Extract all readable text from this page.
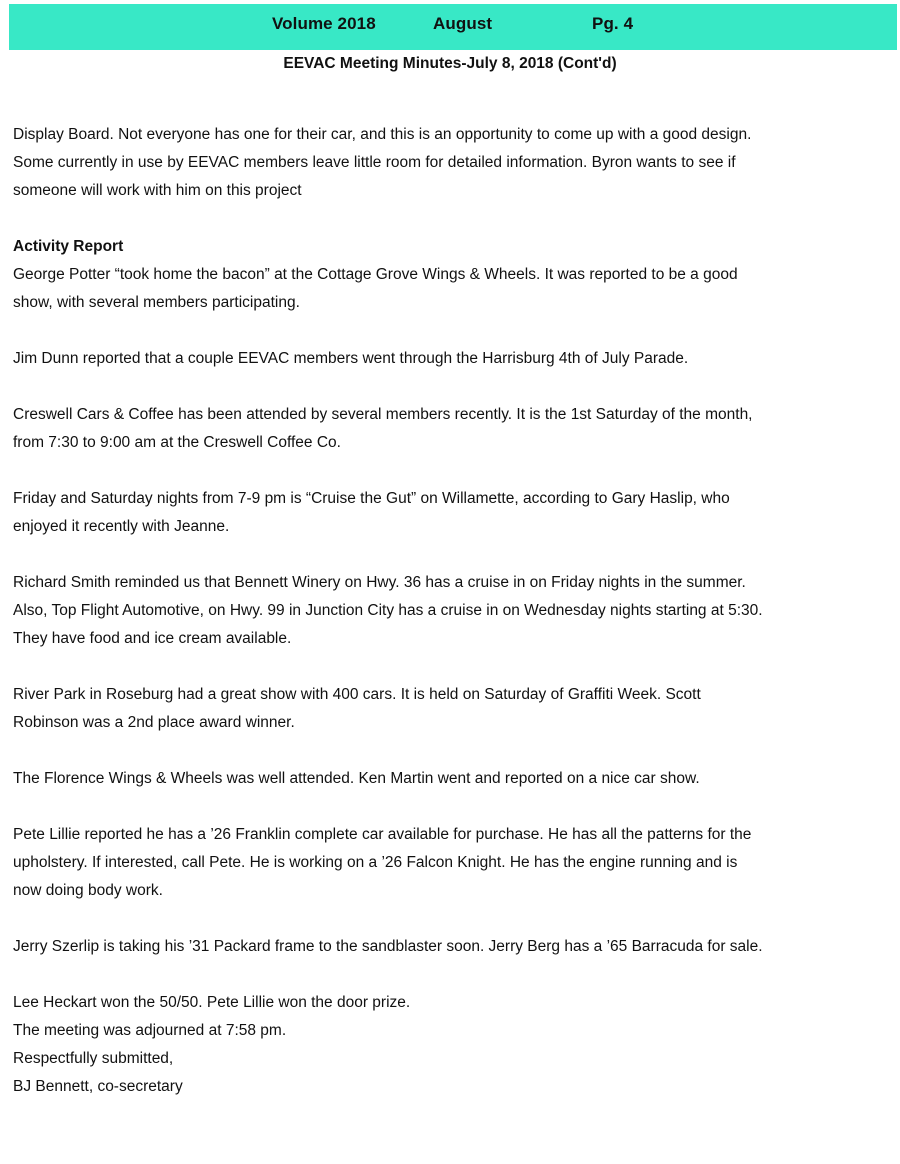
Volume 2018	August	Pg. 4
EEVAC Meeting Minutes-July 8, 2018 (Cont'd)

Display Board. Not everyone has one for their car, and this is an opportunity to come up with a good design.
Some currently in use by EEVAC members leave little room for detailed information. Byron wants to see if
someone will work with him on this project

Activity Report

George Potter “took home the bacon” at the Cottage Grove Wings & Wheels. It was reported to be a good
show, with several members participating.

Jim Dunn reported that a couple EEVAC members went through the Harrisburg 4th of July Parade.

Creswell Cars & Coffee has been attended by several members recently. It is the 1st Saturday of the month,
from 7:30 to 9:00 am at the Creswell Coffee Co.

Friday and Saturday nights from 7-9 pm is “Cruise the Gut” on Willamette, according to Gary Haslip, who
enjoyed it recently with Jeanne.

Richard Smith reminded us that Bennett Winery on Hwy. 36 has a cruise in on Friday nights in the summer.
Also, Top Flight Automotive, on Hwy. 99 in Junction City has a cruise in on Wednesday nights starting at 5:30.
They have food and ice cream available.

River Park in Roseburg had a great show with 400 cars. It is held on Saturday of Graffiti Week. Scott
Robinson was a 2nd place award winner.

The Florence Wings & Wheels was well attended. Ken Martin went and reported on a nice car show.

Pete Lillie reported he has a ’26 Franklin complete car available for purchase. He has all the patterns for the
upholstery. If interested, call Pete. He is working on a ’26 Falcon Knight. He has the engine running and is
now doing body work.

Jerry Szerlip is taking his ’31 Packard frame to the sandblaster soon. Jerry Berg has a ’65 Barracuda for sale.

Lee Heckart won the 50/50. Pete Lillie won the door prize.
The meeting was adjourned at 7:58 pm.
Respectfully submitted,
BJ Bennett, co-secretary
